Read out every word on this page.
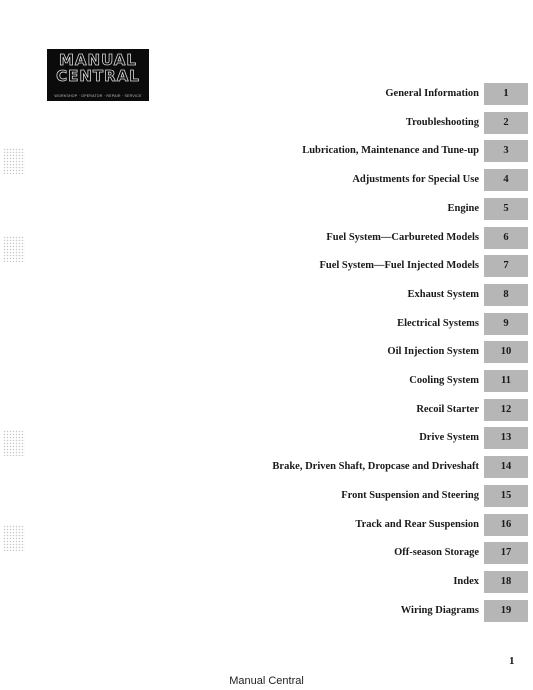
MANUAL
CENTRAL
WORKSHOP · OPERATOR · REPAIR · SERVICE	General Information	1
Troubleshooting	2
Lubrication, Maintenance and Tune-up	3
Adjustments for Special Use	4
Engine	5
Fuel System—Carbureted Models	6
Fuel System—Fuel Injected Models	7
Exhaust System	8
Electrical Systems	9
Oil Injection System	10
Cooling System	11
Recoil Starter	12
Drive System	13
Brake, Driven Shaft, Dropcase and Driveshaft	14
Front Suspension and Steering	15
Track and Rear Suspension	16
Off-season Storage	17
Index	18
Wiring Diagrams	19
1
Manual Central
